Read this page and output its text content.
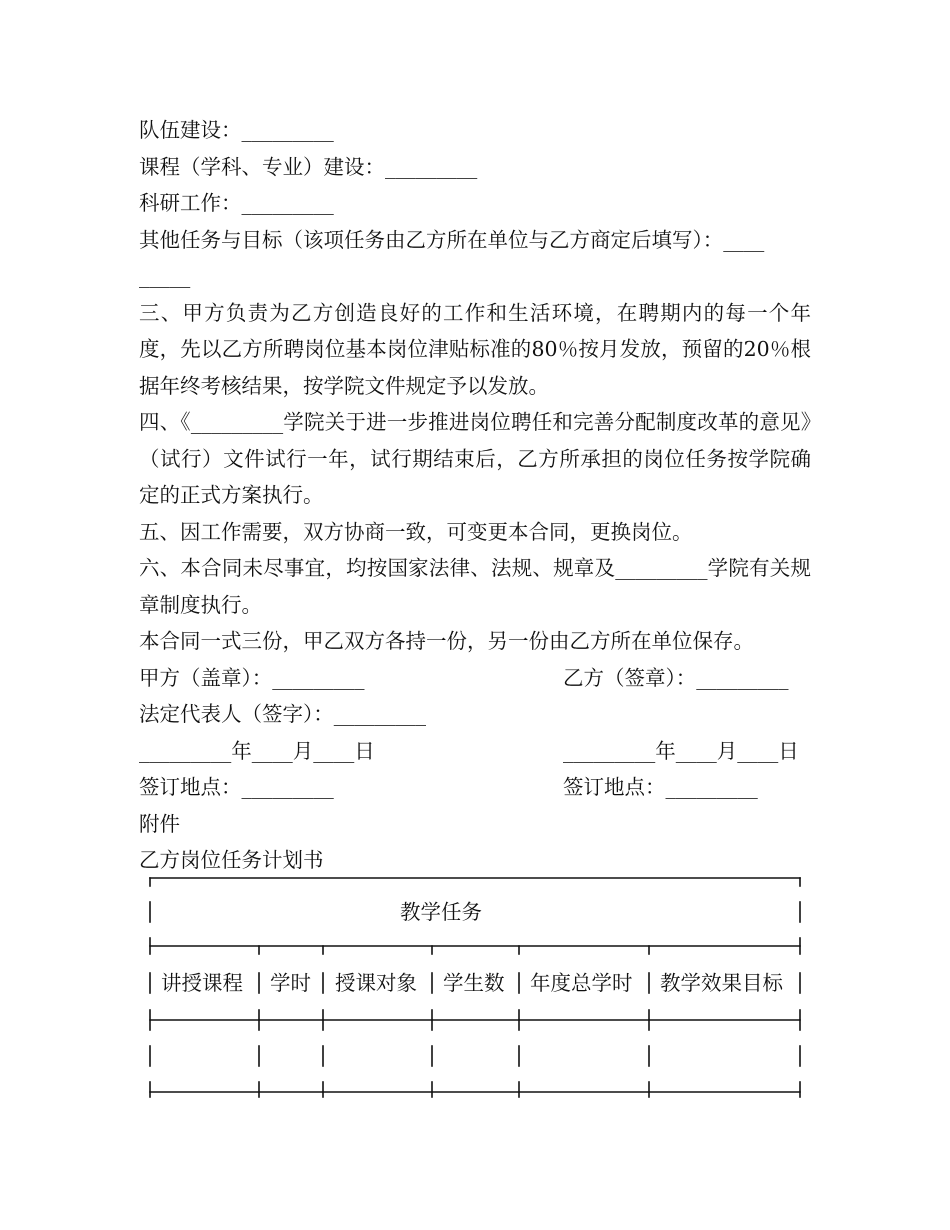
队伍建设：_________
课程（学科、专业）建设：_________
科研工作：_________
其他任务与目标（该项任务由乙方所在单位与乙方商定后填写）：____
_____
三、甲方负责为乙方创造良好的工作和生活环境，在聘期内的每一个年度，先以乙方所聘岗位基本岗位津贴标准的80％按月发放，预留的20％根据年终考核结果，按学院文件规定予以发放。
四、《_________学院关于进一步推进岗位聘任和完善分配制度改革的意见》（试行）文件试行一年，试行期结束后，乙方所承担的岗位任务按学院确定的正式方案执行。
五、因工作需要，双方协商一致，可变更本合同，更换岗位。
六、本合同未尽事宜，均按国家法律、法规、规章及_________学院有关规章制度执行。
本合同一式三份，甲乙双方各持一份，另一份由乙方所在单位保存。
甲方（盖章）：_________	乙方（签章）：_________
法定代表人（签字）：_________
_________年____月____日	_________年____月____日
签订地点：_________	签订地点：_________
附件
乙方岗位任务计划书
教学任务
讲授课程 学时 授课对象 学生数 年度总学时 教学效果目标
